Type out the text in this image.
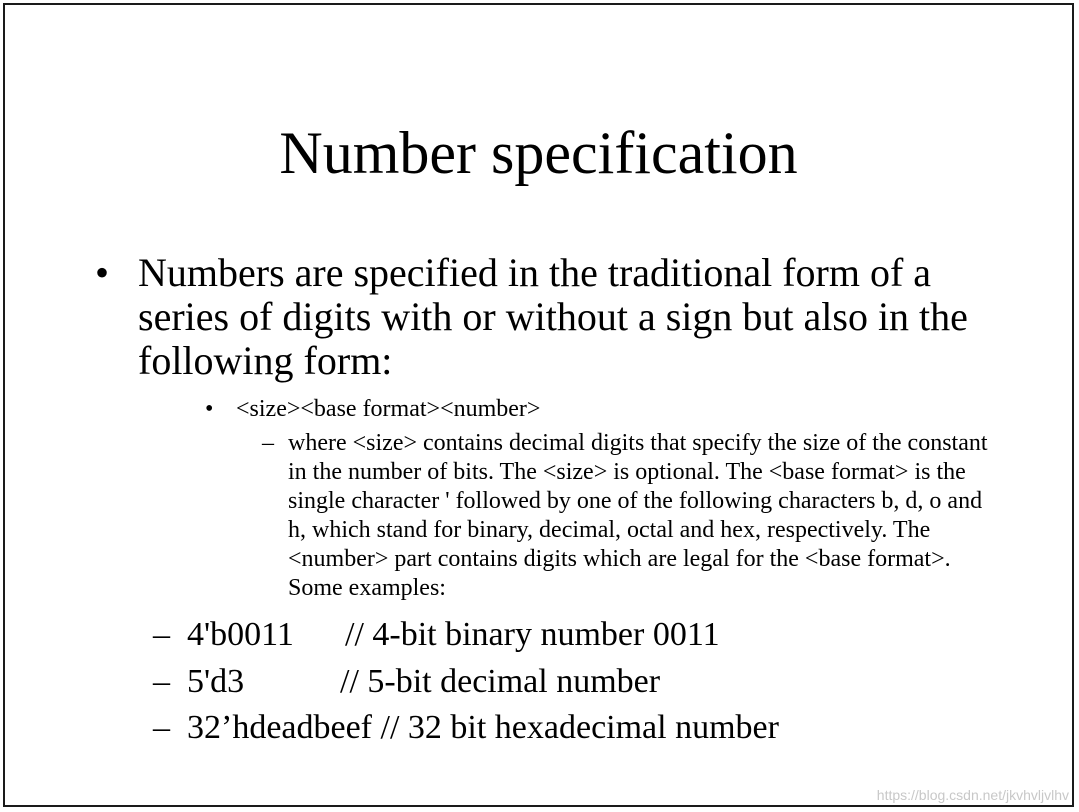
Number specification
• Numbers are specified in the traditional form of a series of digits with or without a sign but also in the following form:
• <size><base format><number>
– where <size> contains decimal digits that specify the size of the constant in the number of bits. The <size> is optional. The <base format> is the single character ' followed by one of the following characters b, d, o and h, which stand for binary, decimal, octal and hex, respectively. The <number> part contains digits which are legal for the <base format>. Some examples:
– 4'b0011 // 4-bit binary number 0011
– 5'd3	// 5-bit decimal number
– 32’hdeadbeef // 32 bit hexadecimal number
https://blog.csdn.net/jkvhvljvlhv
